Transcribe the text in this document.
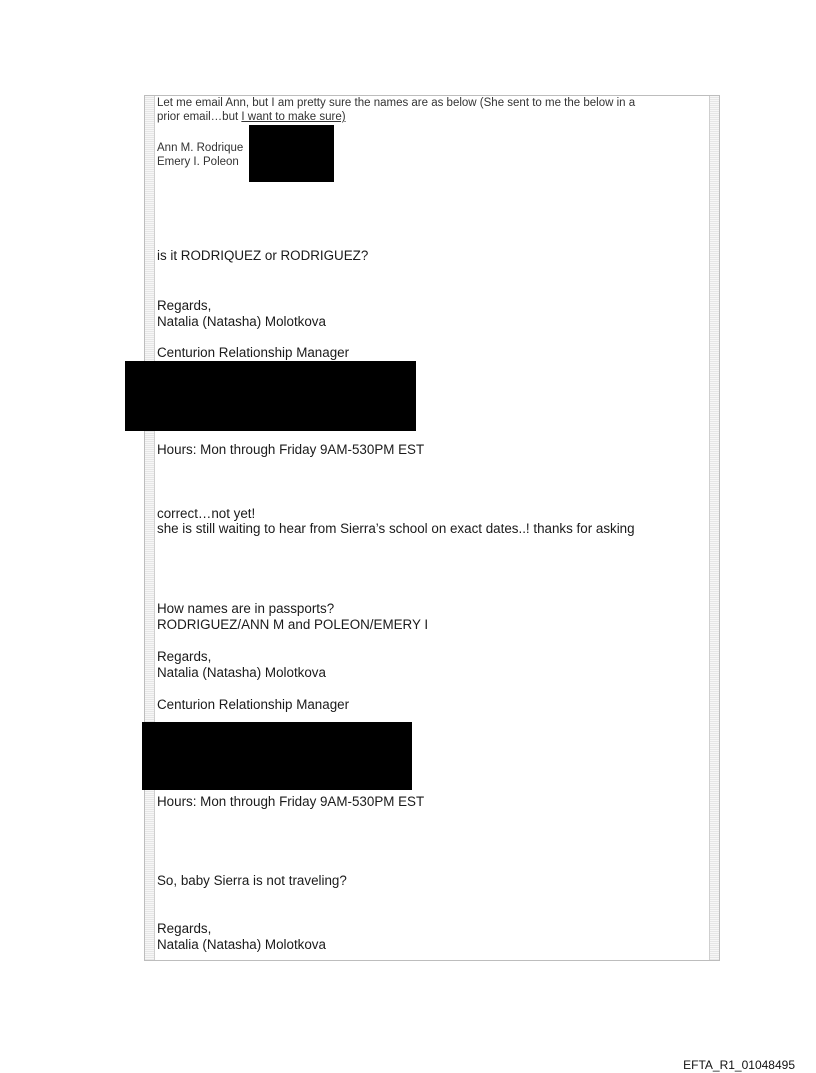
Let me email Ann, but I am pretty sure the names are as below (She sent to me the below in a
prior email…but I want to make sure)
Ann M. Rodrique
Emery I. Poleon
is it RODRIQUEZ or RODRIGUEZ?
Regards,
Natalia (Natasha) Molotkova
Centurion Relationship Manager
Hours: Mon through Friday 9AM-530PM EST
correct…not yet!
she is still waiting to hear from Sierra’s school on exact dates..! thanks for asking
How names are in passports?
RODRIGUEZ/ANN M and POLEON/EMERY I
Regards,
Natalia (Natasha) Molotkova
Centurion Relationship Manager
Hours: Mon through Friday 9AM-530PM EST
So, baby Sierra is not traveling?
Regards,
Natalia (Natasha) Molotkova
EFTA_R1_01048495
